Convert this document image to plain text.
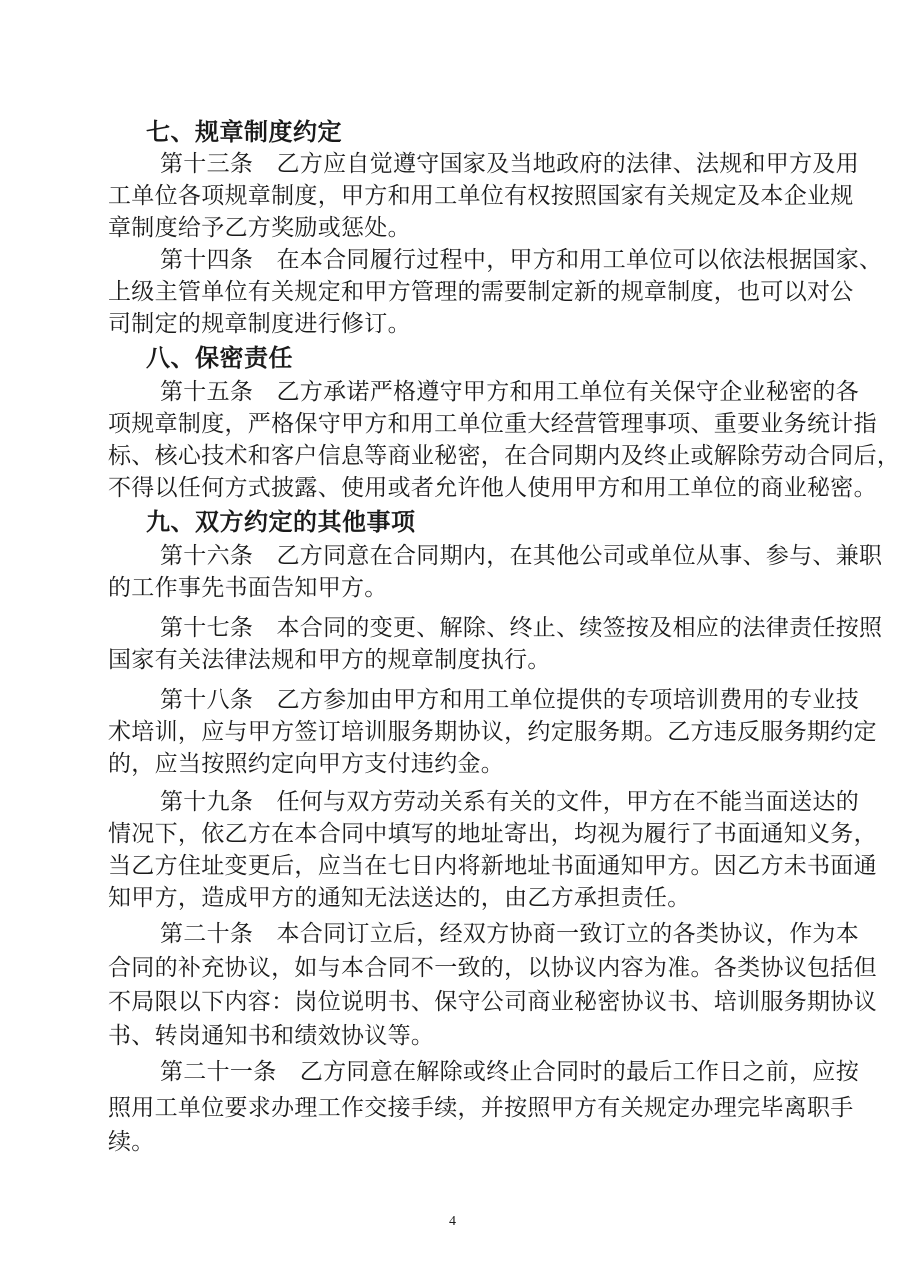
七、规章制度约定
第十三条　乙方应自觉遵守国家及当地政府的法律、法规和甲方及用
工单位各项规章制度，甲方和用工单位有权按照国家有关规定及本企业规
章制度给予乙方奖励或惩处。
第十四条　在本合同履行过程中，甲方和用工单位可以依法根据国家、
上级主管单位有关规定和甲方管理的需要制定新的规章制度，也可以对公
司制定的规章制度进行修订。
八、保密责任
第十五条　乙方承诺严格遵守甲方和用工单位有关保守企业秘密的各
项规章制度，严格保守甲方和用工单位重大经营管理事项、重要业务统计指
标、核心技术和客户信息等商业秘密，在合同期内及终止或解除劳动合同后，
不得以任何方式披露、使用或者允许他人使用甲方和用工单位的商业秘密。
九、双方约定的其他事项
第十六条　乙方同意在合同期内，在其他公司或单位从事、参与、兼职
的工作事先书面告知甲方。
第十七条　本合同的变更、解除、终止、续签按及相应的法律责任按照
国家有关法律法规和甲方的规章制度执行。
第十八条　乙方参加由甲方和用工单位提供的专项培训费用的专业技
术培训，应与甲方签订培训服务期协议，约定服务期。乙方违反服务期约定
的，应当按照约定向甲方支付违约金。
第十九条　任何与双方劳动关系有关的文件，甲方在不能当面送达的
情况下，依乙方在本合同中填写的地址寄出，均视为履行了书面通知义务，
当乙方住址变更后，应当在七日内将新地址书面通知甲方。因乙方未书面通
知甲方，造成甲方的通知无法送达的，由乙方承担责任。
第二十条　本合同订立后，经双方协商一致订立的各类协议，作为本
合同的补充协议，如与本合同不一致的，以协议内容为准。各类协议包括但
不局限以下内容：岗位说明书、保守公司商业秘密协议书、培训服务期协议
书、转岗通知书和绩效协议等。
第二十一条　乙方同意在解除或终止合同时的最后工作日之前，应按
照用工单位要求办理工作交接手续，并按照甲方有关规定办理完毕离职手
续。
4
